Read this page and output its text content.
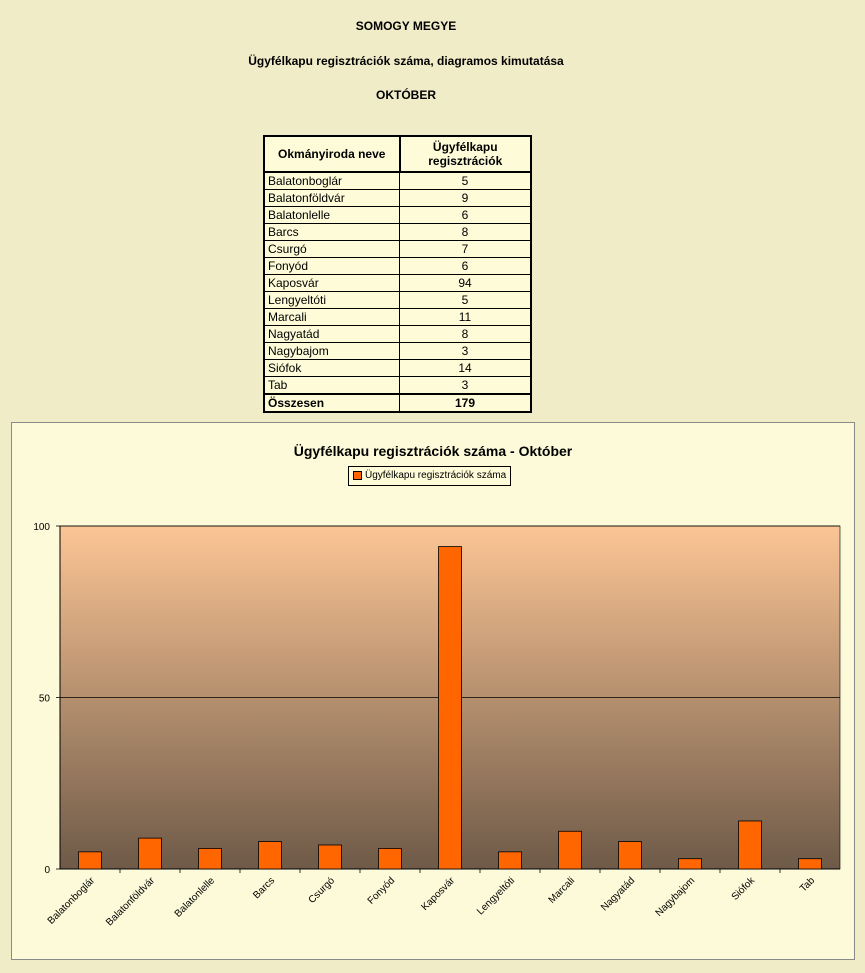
SOMOGY MEGYE
Ügyfélkapu regisztrációk száma, diagramos kimutatása
OKTÓBER
Okmányiroda neve	Ügyfélkapu regisztrációk
Balatonboglár	5
Balatonföldvár	9
Balatonlelle	6
Barcs	8
Csurgó	7
Fonyód	6
Kaposvár	94
Lengyeltóti	5
Marcali	11
Nagyatád	8
Nagybajom	3
Siófok	14
Tab	3
Összesen	179
Ügyfélkapu regisztrációk száma - Október
Ügyfélkapu regisztrációk száma
0
50
100
Balatonboglár Balatonföldvár Balatonlelle	Barcs	Csurgó	Fonyód Kaposvár Lengyeltóti	Marcali Nagyatád Nagybajom	Siófok	Tab
